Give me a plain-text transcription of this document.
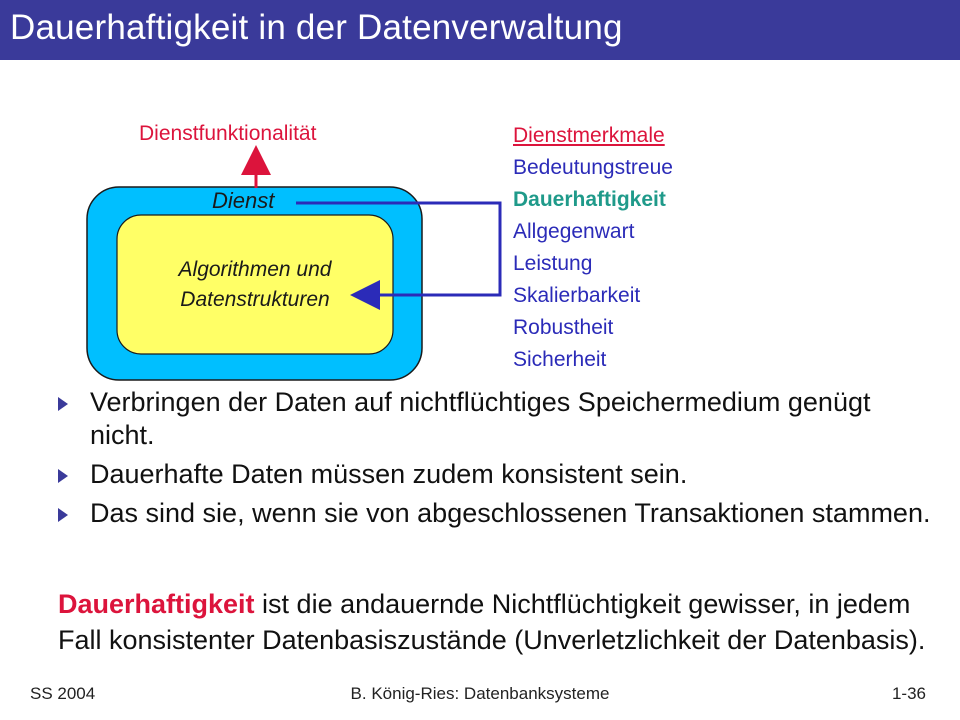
Dauerhaftigkeit in der Datenverwaltung
Dienstfunktionalität
Dienst
Algorithmen und
Datenstrukturen
Dienstmerkmale
Bedeutungstreue
Dauerhaftigkeit
Allgegenwart
Leistung
Skalierbarkeit
Robustheit
Sicherheit
Verbringen der Daten auf nichtflüchtiges Speichermedium genügt nicht.
Dauerhafte Daten müssen zudem konsistent sein.
Das sind sie, wenn sie von abgeschlossenen Transaktionen stammen.
Dauerhaftigkeit ist die andauernde Nichtflüchtigkeit gewisser, in jedem Fall konsistenter Datenbasiszustände (Unverletzlichkeit der Datenbasis).
SS 2004	B. König-Ries: Datenbanksysteme	1-36
